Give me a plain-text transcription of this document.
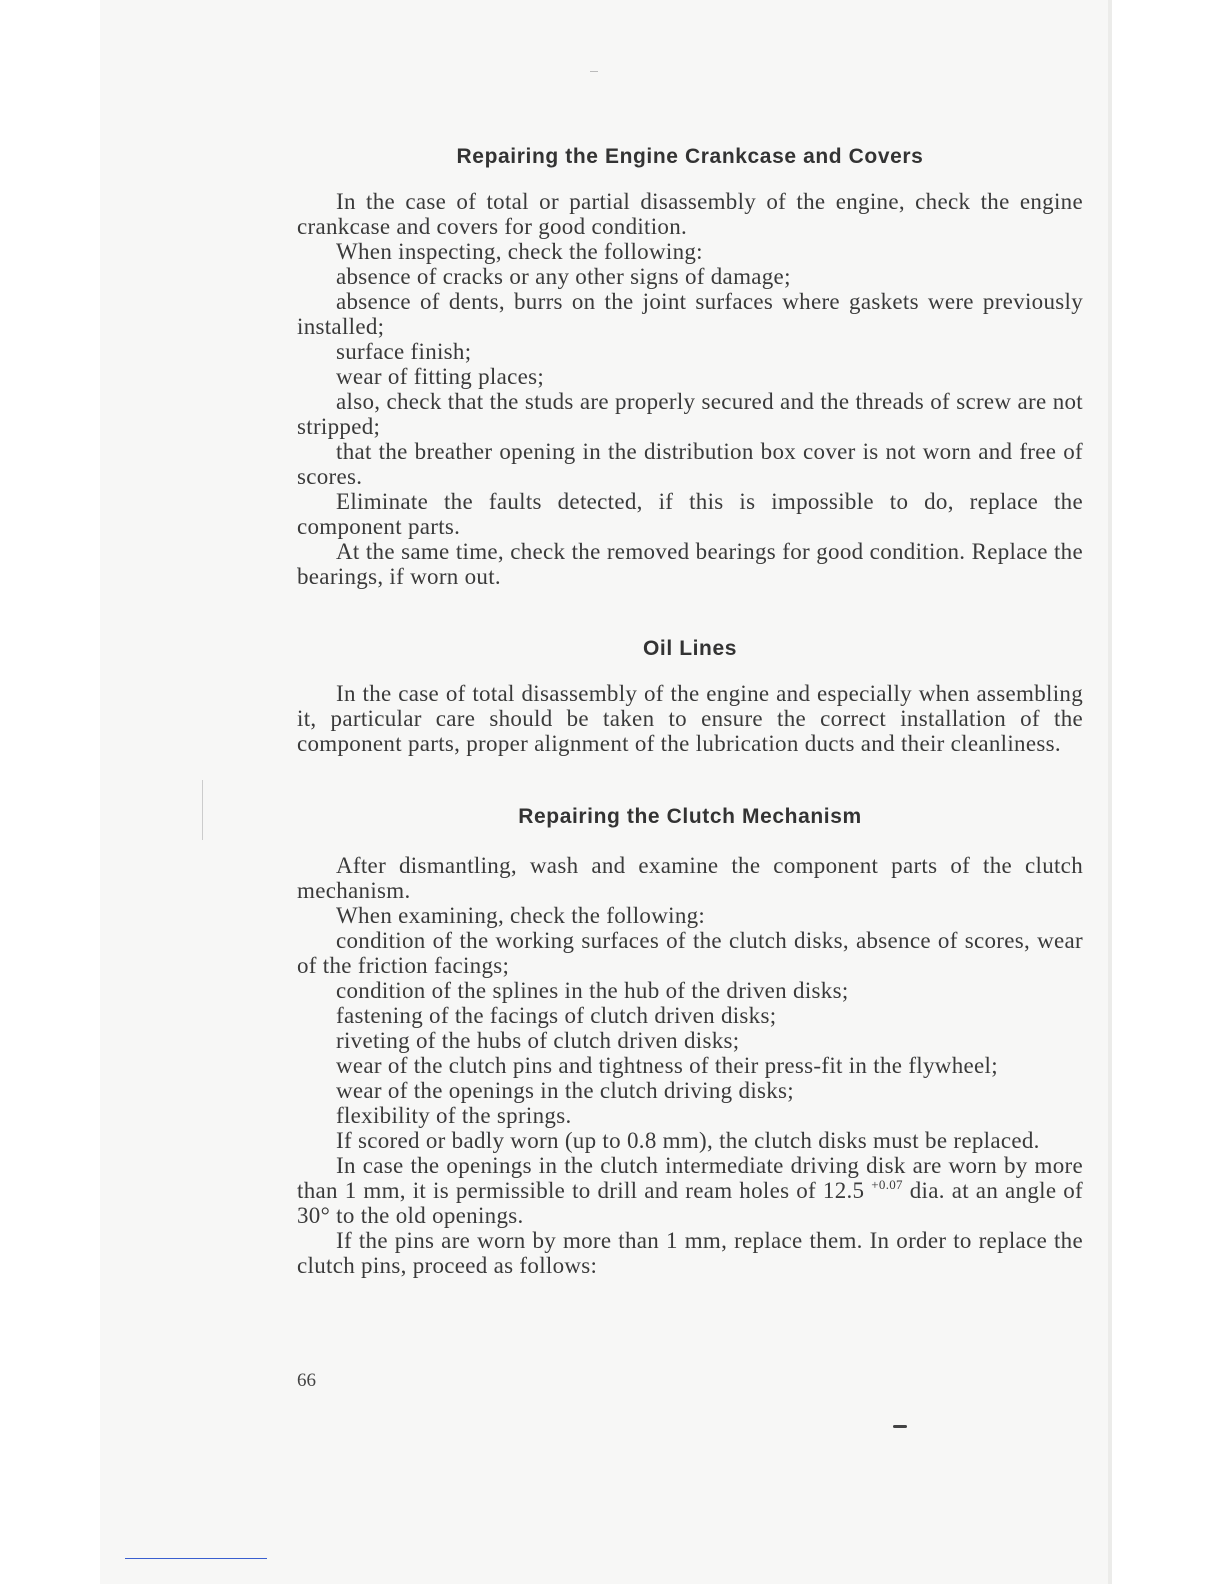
Repairing the Engine Crankcase and Covers

In the case of total or partial disassembly of the engine, check the engine crankcase and covers for good condition.

When inspecting, check the following:

absence of cracks or any other signs of damage;

absence of dents, burrs on the joint surfaces where gaskets were previously installed;

surface finish;

wear of fitting places;

also, check that the studs are properly secured and the threads of screw are not stripped;

that the breather opening in the distribution box cover is not worn and free of scores.

Eliminate the faults detected, if this is impossible to do, replace the component parts.

At the same time, check the removed bearings for good condition. Replace the bearings, if worn out.

Oil Lines

In the case of total disassembly of the engine and especially when assembling it, particular care should be taken to ensure the correct installation of the component parts, proper alignment of the lubrication ducts and their cleanliness.

Repairing the Clutch Mechanism

After dismantling, wash and examine the component parts of the clutch mechanism.

When examining, check the following:

condition of the working surfaces of the clutch disks, absence of scores, wear of the friction facings;

condition of the splines in the hub of the driven disks;

fastening of the facings of clutch driven disks;

riveting of the hubs of clutch driven disks;

wear of the clutch pins and tightness of their press-fit in the flywheel;

wear of the openings in the clutch driving disks;

flexibility of the springs.

If scored or badly worn (up to 0.8 mm), the clutch disks must be replaced.

In case the openings in the clutch intermediate driving disk are worn by more than 1 mm, it is permissible to drill and ream holes of 12.5 $^{+0.07}$ dia. at an angle of 30° to the old openings.

If the pins are worn by more than 1 mm, replace them. In order to replace the clutch pins, proceed as follows:

66
